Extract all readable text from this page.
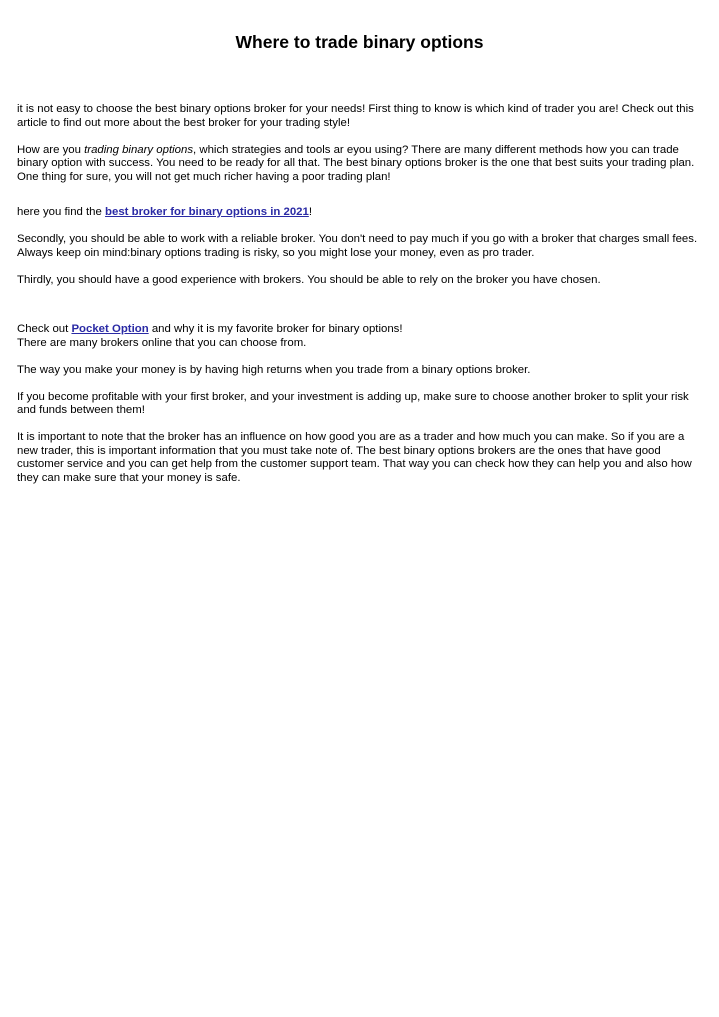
Where to trade binary options

it is not easy to choose the best binary options broker for your needs! First thing to know is which kind of trader you are! Check out this article to find out more about the best broker for your trading style!

How are you trading binary options, which strategies and tools ar eyou using? There are many different methods how you can trade binary option with success. You need to be ready for all that. The best binary options broker is the one that best suits your trading plan. One thing for sure, you will not get much richer having a poor trading plan!

here you find the best broker for binary options in 2021!

Secondly, you should be able to work with a reliable broker. You don't need to pay much if you go with a broker that charges small fees. Always keep oin mind:binary options trading is risky, so you might lose your money, even as pro trader.

Thirdly, you should have a good experience with brokers. You should be able to rely on the broker you have chosen.

Check out Pocket Option and why it is my favorite broker for binary options!

There are many brokers online that you can choose from.

The way you make your money is by having high returns when you trade from a binary options broker.

If you become profitable with your first broker, and your investment is adding up, make sure to choose another broker to split your risk and funds between them!

It is important to note that the broker has an influence on how good you are as a trader and how much you can make. So if you are a new trader, this is important information that you must take note of. The best binary options brokers are the ones that have good customer service and you can get help from the customer support team. That way you can check how they can help you and also how they can make sure that your money is safe.
